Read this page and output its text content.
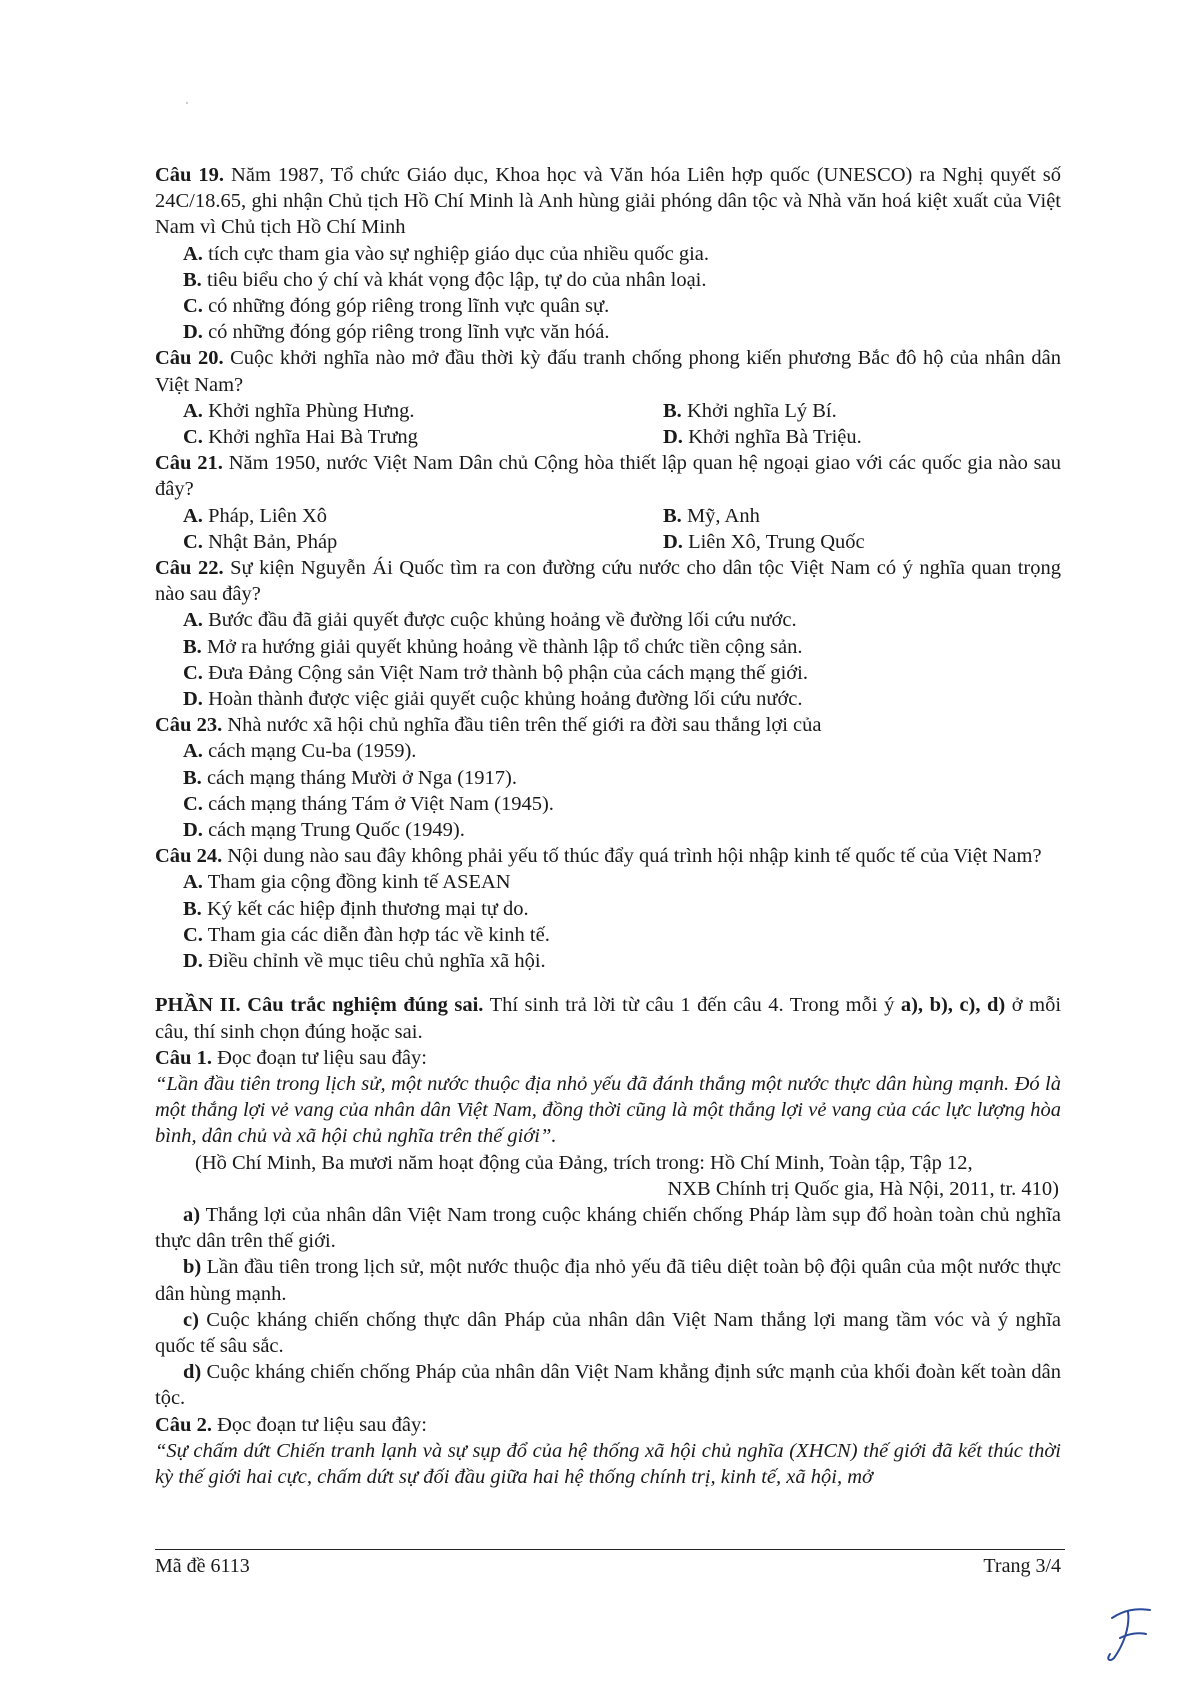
Câu 19. Năm 1987, Tổ chức Giáo dục, Khoa học và Văn hóa Liên hợp quốc (UNESCO) ra Nghị quyết số 24C/18.65, ghi nhận Chủ tịch Hồ Chí Minh là Anh hùng giải phóng dân tộc và Nhà văn hoá kiệt xuất của Việt Nam vì Chủ tịch Hồ Chí Minh

A. tích cực tham gia vào sự nghiệp giáo dục của nhiều quốc gia.

B. tiêu biểu cho ý chí và khát vọng độc lập, tự do của nhân loại.

C. có những đóng góp riêng trong lĩnh vực quân sự.

D. có những đóng góp riêng trong lĩnh vực văn hóá.

Câu 20. Cuộc khởi nghĩa nào mở đầu thời kỳ đấu tranh chống phong kiến phương Bắc đô hộ của nhân dân Việt Nam?

A. Khởi nghĩa Phùng Hưng.	B. Khởi nghĩa Lý Bí.
C. Khởi nghĩa Hai Bà Trưng	D. Khởi nghĩa Bà Triệu.

Câu 21. Năm 1950, nước Việt Nam Dân chủ Cộng hòa thiết lập quan hệ ngoại giao với các quốc gia nào sau đây?

A. Pháp, Liên Xô	B. Mỹ, Anh
C. Nhật Bản, Pháp	D. Liên Xô, Trung Quốc

Câu 22. Sự kiện Nguyễn Ái Quốc tìm ra con đường cứu nước cho dân tộc Việt Nam có ý nghĩa quan trọng nào sau đây?

A. Bước đầu đã giải quyết được cuộc khủng hoảng về đường lối cứu nước.

B. Mở ra hướng giải quyết khủng hoảng về thành lập tổ chức tiền cộng sản.

C. Đưa Đảng Cộng sản Việt Nam trở thành bộ phận của cách mạng thế giới.

D. Hoàn thành được việc giải quyết cuộc khủng hoảng đường lối cứu nước.

Câu 23. Nhà nước xã hội chủ nghĩa đầu tiên trên thế giới ra đời sau thắng lợi của

A. cách mạng Cu-ba (1959).

B. cách mạng tháng Mười ở Nga (1917).

C. cách mạng tháng Tám ở Việt Nam (1945).

D. cách mạng Trung Quốc (1949).

Câu 24. Nội dung nào sau đây không phải yếu tố thúc đẩy quá trình hội nhập kinh tế quốc tế của Việt Nam?

A. Tham gia cộng đồng kinh tế ASEAN

B. Ký kết các hiệp định thương mại tự do.

C. Tham gia các diễn đàn hợp tác về kinh tế.

D. Điều chỉnh về mục tiêu chủ nghĩa xã hội.

PHẦN II. Câu trắc nghiệm đúng sai. Thí sinh trả lời từ câu 1 đến câu 4. Trong mỗi ý a), b), c), d) ở mỗi câu, thí sinh chọn đúng hoặc sai.

Câu 1. Đọc đoạn tư liệu sau đây:

“Lần đầu tiên trong lịch sử, một nước thuộc địa nhỏ yếu đã đánh thắng một nước thực dân hùng mạnh. Đó là một thắng lợi vẻ vang của nhân dân Việt Nam, đồng thời cũng là một thắng lợi vẻ vang của các lực lượng hòa bình, dân chủ và xã hội chủ nghĩa trên thế giới”.

(Hồ Chí Minh, Ba mươi năm hoạt động của Đảng, trích trong: Hồ Chí Minh, Toàn tập, Tập 12,

NXB Chính trị Quốc gia, Hà Nội, 2011, tr. 410)

a) Thắng lợi của nhân dân Việt Nam trong cuộc kháng chiến chống Pháp làm sụp đổ hoàn toàn chủ nghĩa thực dân trên thế giới.

b) Lần đầu tiên trong lịch sử, một nước thuộc địa nhỏ yếu đã tiêu diệt toàn bộ đội quân của một nước thực dân hùng mạnh.

c) Cuộc kháng chiến chống thực dân Pháp của nhân dân Việt Nam thắng lợi mang tầm vóc và ý nghĩa quốc tế sâu sắc.

d) Cuộc kháng chiến chống Pháp của nhân dân Việt Nam khẳng định sức mạnh của khối đoàn kết toàn dân tộc.

Câu 2. Đọc đoạn tư liệu sau đây:

“Sự chấm dứt Chiến tranh lạnh và sự sụp đổ của hệ thống xã hội chủ nghĩa (XHCN) thế giới đã kết thúc thời kỳ thế giới hai cực, chấm dứt sự đối đầu giữa hai hệ thống chính trị, kinh tế, xã hội, mở

Mã đề 6113	Trang 3/4
